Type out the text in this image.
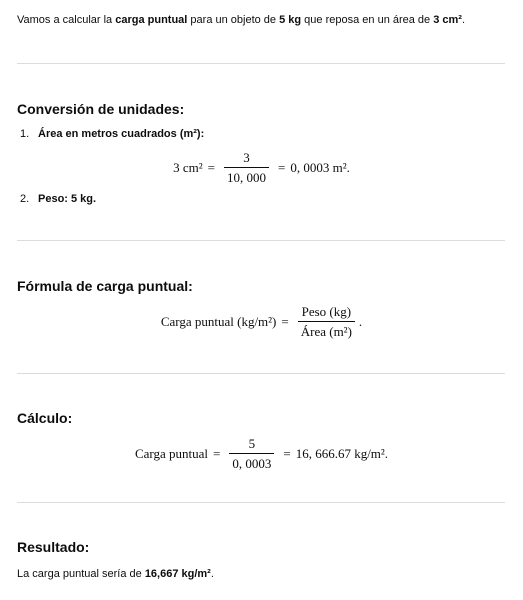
Vamos a calcular la carga puntual para un objeto de 5 kg que reposa en un área de 3 cm².
Conversión de unidades:
1. Área en metros cuadrados (m²):
3 $cm^2 = \frac{3}{10, 000} = 0$, 0003 m².
2. Peso: 5 kg.
Fórmula de carga puntual:
Carga puntual $(kg/m^2) = \frac{\text{Peso (kg)}}{\text{Área (m²)}}$ .
Cálculo:
Carga puntual = $\frac{5}{0, 0003} = 16$, 666.67 kg/m².
Resultado:
La carga puntual sería de 16,667 kg/m².
